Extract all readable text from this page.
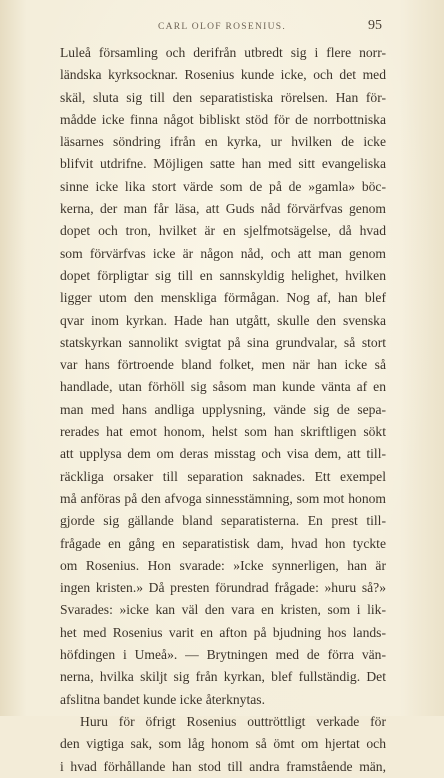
CARL OLOF ROSENIUS.	95
Luleå församling och derifrån utbredt sig i flere norr-
ländska kyrksocknar. Rosenius kunde icke, och det med
skäl, sluta sig till den separatistiska rörelsen. Han för-
mådde icke finna något bibliskt stöd för de norrbottniska
läsarnes söndring ifrån en kyrka, ur hvilken de icke
blifvit utdrifne. Möjligen satte han med sitt evangeliska
sinne icke lika stort värde som de på de »gamla» böc-
kerna, der man får läsa, att Guds nåd förvärfvas genom
dopet och tron, hvilket är en sjelfmotsägelse, då hvad
som förvärfvas icke är någon nåd, och att man genom
dopet förpligtar sig till en sannskyldig helighet, hvilken
ligger utom den menskliga förmågan. Nog af, han blef
qvar inom kyrkan. Hade han utgått, skulle den svenska
statskyrkan sannolikt svigtat på sina grundvalar, så stort
var hans förtroende bland folket, men när han icke så
handlade, utan förhöll sig såsom man kunde vänta af en
man med hans andliga upplysning, vände sig de sepa-
rerades hat emot honom, helst som han skriftligen sökt
att upplysa dem om deras misstag och visa dem, att till-
räckliga orsaker till separation saknades. Ett exempel
må anföras på den afvoga sinnesstämning, som mot honom
gjorde sig gällande bland separatisterna. En prest till-
frågade en gång en separatistisk dam, hvad hon tyckte
om Rosenius. Hon svarade: »Icke synnerligen, han är
ingen kristen.» Då presten förundrad frågade: »huru så?»
Svarades: »icke kan väl den vara en kristen, som i lik-
het med Rosenius varit en afton på bjudning hos lands-
höfdingen i Umeå». — Brytningen med de förra vän-
nerna, hvilka skiljt sig från kyrkan, blef fullständig. Det
afslitna bandet kunde icke återknytas.
Huru för öfrigt Rosenius outtröttligt verkade för
den vigtiga sak, som låg honom så ömt om hjertat och
i hvad förhållande han stod till andra framstående män,
